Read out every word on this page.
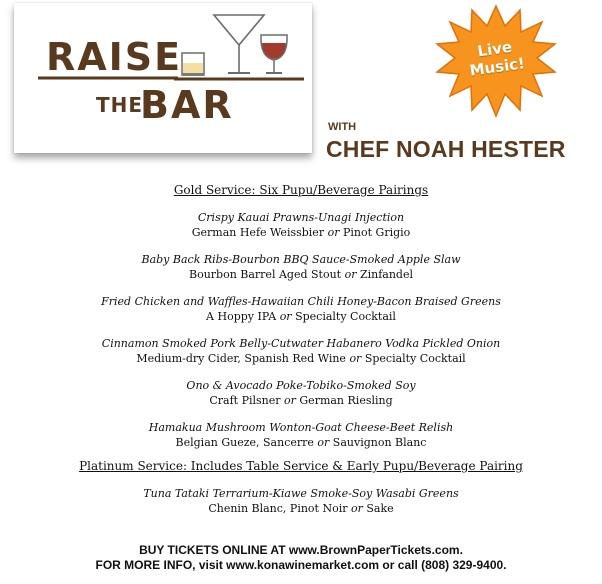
RAISE
THE
BAR
Live
Music!
WITH
CHEF NOAH HESTER
Gold Service: Six Pupu/Beverage Pairings
Crispy Kauai Prawns-Unagi Injection
German Hefe Weissbier or Pinot Grigio
Baby Back Ribs-Bourbon BBQ Sauce-Smoked Apple Slaw
Bourbon Barrel Aged Stout or Zinfandel
Fried Chicken and Waffles-Hawaiian Chili Honey-Bacon Braised Greens
A Hoppy IPA or Specialty Cocktail
Cinnamon Smoked Pork Belly-Cutwater Habanero Vodka Pickled Onion
Medium-dry Cider, Spanish Red Wine or Specialty Cocktail
Ono & Avocado Poke-Tobiko-Smoked Soy
Craft Pilsner or German Riesling
Hamakua Mushroom Wonton-Goat Cheese-Beet Relish
Belgian Gueze, Sancerre or Sauvignon Blanc
Platinum Service: Includes Table Service & Early Pupu/Beverage Pairing
Tuna Tataki Terrarium-Kiawe Smoke-Soy Wasabi Greens
Chenin Blanc, Pinot Noir or Sake
BUY TICKETS ONLINE AT www.BrownPaperTickets.com.
FOR MORE INFO, visit www.konawinemarket.com or call (808) 329-9400.
